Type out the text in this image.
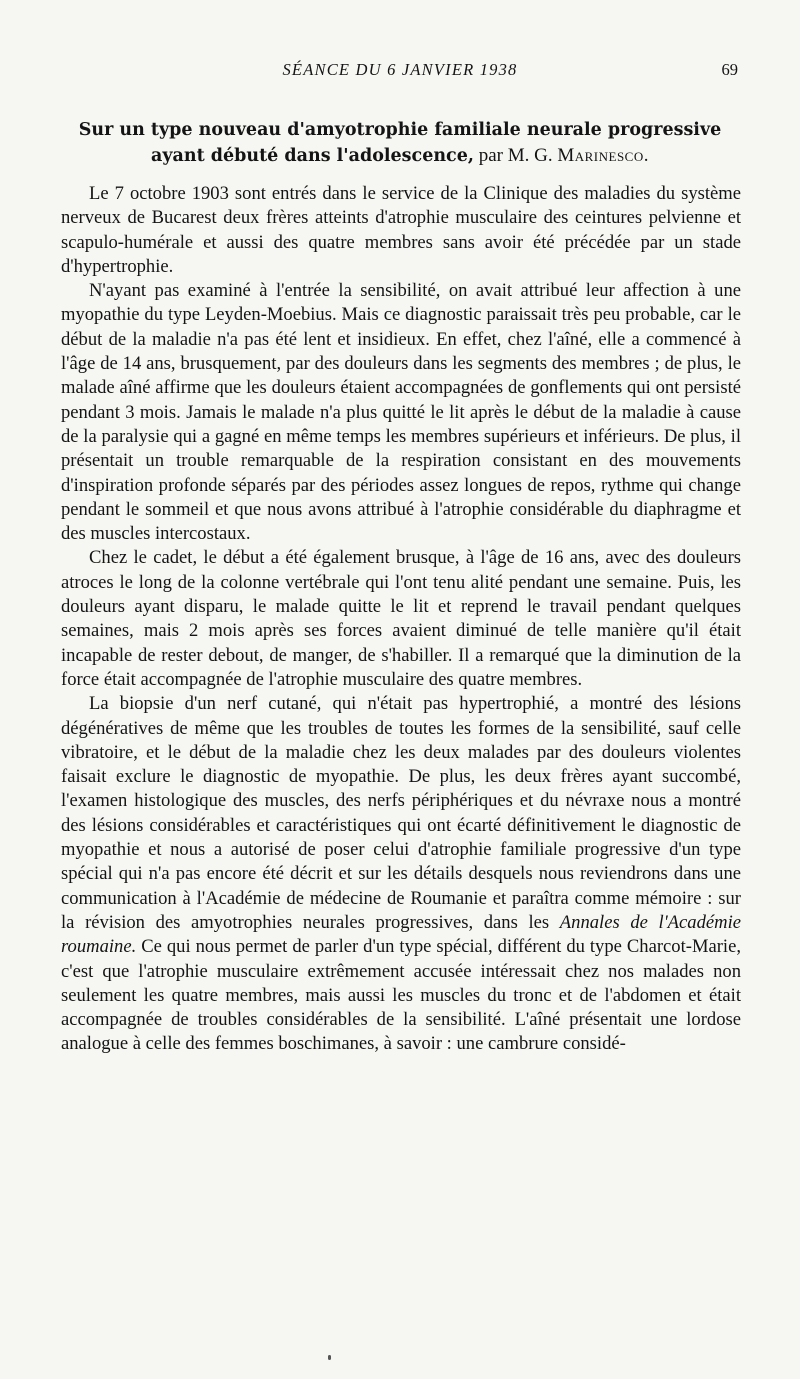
SÉANCE DU 6 JANVIER 1938	69
Sur un type nouveau d'amyotrophie familiale neurale progressive
ayant débuté dans l'adolescence, par M. G. Marinesco.

Le 7 octobre 1903 sont entrés dans le service de la Clinique des maladies du système nerveux de Bucarest deux frères atteints d'atrophie musculaire des ceintures pelvienne et scapulo-humérale et aussi des quatre membres sans avoir été précédée par un stade d'hypertrophie.

N'ayant pas examiné à l'entrée la sensibilité, on avait attribué leur affection à une myopathie du type Leyden-Moebius. Mais ce diagnostic paraissait très peu probable, car le début de la maladie n'a pas été lent et insidieux. En effet, chez l'aîné, elle a commencé à l'âge de 14 ans, brusquement, par des douleurs dans les segments des membres ; de plus, le malade aîné affirme que les douleurs étaient accompagnées de gonflements qui ont persisté pendant 3 mois. Jamais le malade n'a plus quitté le lit après le début de la maladie à cause de la paralysie qui a gagné en même temps les membres supérieurs et inférieurs. De plus, il présentait un trouble remarquable de la respiration consistant en des mouvements d'inspiration profonde séparés par des périodes assez longues de repos, rythme qui change pendant le sommeil et que nous avons attribué à l'atrophie considérable du diaphragme et des muscles intercostaux.

Chez le cadet, le début a été également brusque, à l'âge de 16 ans, avec des douleurs atroces le long de la colonne vertébrale qui l'ont tenu alité pendant une semaine. Puis, les douleurs ayant disparu, le malade quitte le lit et reprend le travail pendant quelques semaines, mais 2 mois après ses forces avaient diminué de telle manière qu'il était incapable de rester debout, de manger, de s'habiller. Il a remarqué que la diminution de la force était accompagnée de l'atrophie musculaire des quatre membres.

La biopsie d'un nerf cutané, qui n'était pas hypertrophié, a montré des lésions dégénératives de même que les troubles de toutes les formes de la sensibilité, sauf celle vibratoire, et le début de la maladie chez les deux malades par des douleurs violentes faisait exclure le diagnostic de myopathie. De plus, les deux frères ayant succombé, l'examen histologique des muscles, des nerfs périphériques et du névraxe nous a montré des lésions considérables et caractéristiques qui ont écarté définitivement le diagnostic de myopathie et nous a autorisé de poser celui d'atrophie familiale progressive d'un type spécial qui n'a pas encore été décrit et sur les détails desquels nous reviendrons dans une communication à l'Académie de médecine de Roumanie et paraîtra comme mémoire : sur la révision des amyotrophies neurales progressives, dans les Annales de l'Académie roumaine. Ce qui nous permet de parler d'un type spécial, différent du type Charcot-Marie, c'est que l'atrophie musculaire extrêmement accusée intéressait chez nos malades non seulement les quatre membres, mais aussi les muscles du tronc et de l'abdomen et était accompagnée de troubles considérables de la sensibilité. L'aîné présentait une lordose analogue à celle des femmes boschimanes, à savoir : une cambrure considé-
